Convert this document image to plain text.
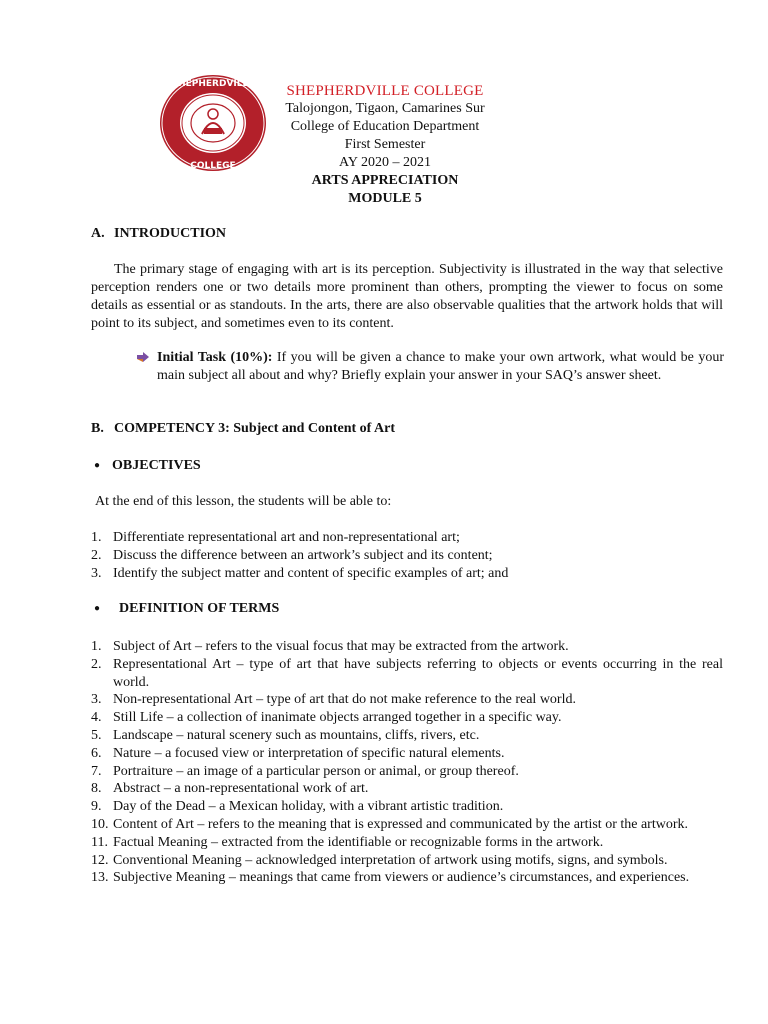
SHEPHERDVILLE
COLLEGE
SHEPHERDVILLE COLLEGE
Talojongon, Tigaon, Camarines Sur
College of Education Department
First Semester
AY 2020 – 2021
ARTS APPRECIATION
MODULE 5
A. INTRODUCTION
The primary stage of engaging with art is its perception. Subjectivity is illustrated in the way that selective perception renders one or two details more prominent than others, prompting the viewer to focus on some details as essential or as standouts. In the arts, there are also observable qualities that the artwork holds that will point to its subject, and sometimes even to its content.
Initial Task (10%): If you will be given a chance to make your own artwork, what would be your main subject all about and why? Briefly explain your answer in your SAQ’s answer sheet.
B. COMPETENCY 3: Subject and Content of Art
● OBJECTIVES
At the end of this lesson, the students will be able to:
1. Differentiate representational art and non-representational art;
2. Discuss the difference between an artwork’s subject and its content;
3. Identify the subject matter and content of specific examples of art; and
● DEFINITION OF TERMS
1. Subject of Art – refers to the visual focus that may be extracted from the artwork.
2. Representational Art – type of art that have subjects referring to objects or events occurring in the real world.
3. Non-representational Art – type of art that do not make reference to the real world.
4. Still Life – a collection of inanimate objects arranged together in a specific way.
5. Landscape – natural scenery such as mountains, cliffs, rivers, etc.
6. Nature – a focused view or interpretation of specific natural elements.
7. Portraiture – an image of a particular person or animal, or group thereof.
8. Abstract – a non-representational work of art.
9. Day of the Dead – a Mexican holiday, with a vibrant artistic tradition.
10. Content of Art – refers to the meaning that is expressed and communicated by the artist or the artwork.
11. Factual Meaning – extracted from the identifiable or recognizable forms in the artwork.
12. Conventional Meaning – acknowledged interpretation of artwork using motifs, signs, and symbols.
13. Subjective Meaning – meanings that came from viewers or audience’s circumstances, and experiences.
